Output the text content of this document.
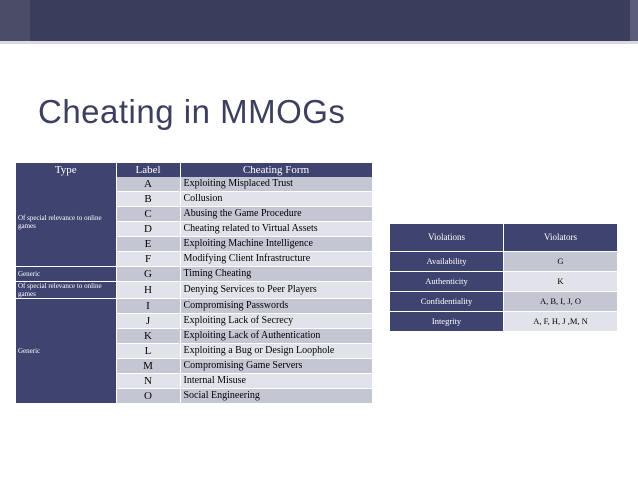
Cheating in MMOGs
Type	Label	Cheating Form
Of special relevance to online games	A	Exploiting Misplaced Trust
	B	Collusion
	C	Abusing the Game Procedure
	D	Cheating related to Virtual Assets
	E	Exploiting Machine Intelligence
	F	Modifying Client Infrastructure
Generic	G	Timing Cheating
Of special relevance to online games	H	Denying Services to Peer Players
Generic	I	Compromising Passwords
	J	Exploiting Lack of Secrecy
	K	Exploiting Lack of Authentication
	L	Exploiting a Bug or Design Loophole
	M	Compromising Game Servers
	N	Internal Misuse
	O	Social Engineering
Violations	Violators
Availability	G
Authenticity	K
Confidentiality	A, B, I, J, O
Integrity	A, F, H, J ,M, N
